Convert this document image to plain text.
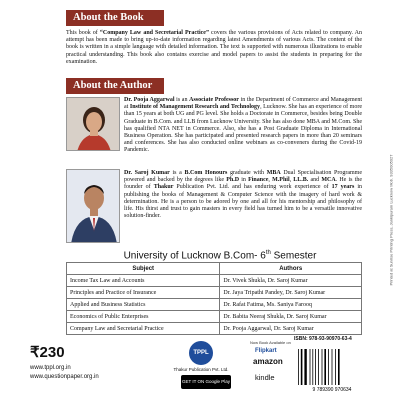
About the Book

This book of “Company Law and Secretarial Practice” covers the various provisions of Acts related to company. An attempt has been made to bring up-to-date information regarding latest Amendments of various Acts. The content of the book is written in a simple language with detailed information. The text is supported with numerous illustrations to enable practical understanding. This book also contains exercise and model papers to assist the students in preparing for the examination.

About the Author

Dr. Pooja Aggarwal is an Associate Professor in the Department of Commerce and Management at Institute of Management Research and Technology, Lucknow. She has an experience of more than 15 years at both UG and PG level. She holds a Doctorate in Commerce, besides being Double Graduate in B.Com. and LLB from Lucknow University. She has also done MBA and M.Com. She has qualified NTA NET in Commerce. Also, she has a Post Graduate Diploma in International Business Operation. She has participated and presented research papers in more than 20 seminars and conferences. She has also conducted online webinars as co-conveners during the Covid-19 Pandemic.

Dr. Saroj Kumar is a B.Com Honours graduate with MBA Dual Specialisation Programme powered and backed by the degrees like Ph.D in Finance, M.Phil, LL.B. and MCA. He is the founder of Thakur Publication Pvt. Ltd. and has enduring work experience of 17 years in publishing the books of Management & Computer Science with the imagery of hard work & determination. He is a person to be adored by one and all for his mentorship and philosophy of life. His thirst and trust to gain masters in every field has turned him to be a versatile innovative solution-finder.	Printed at Sunrise Printing Press, Jankipuram Lucknow Mob. 9335005027
University of Lucknow B.Com- 6th Semester
Subject	Authors
Income Tax Law and Accounts	Dr. Vivek Shukla, Dr. Saroj Kumar
Principles and Practice of Insurance	Dr. Jaya Tripathi Pandey, Dr. Saroj Kumar
Applied and Business Statistics	Dr. Rafat Fatima, Ms. Saniya Farooq
Economics of Public Enterprises	Dr. Babita Neeraj Shukla, Dr. Saroj Kumar
Company Law and Secretarial Practice	Dr. Pooja Aggarwal, Dr. Saroj Kumar

₹230
www.tppl.org.in
www.questionpaper.org.in
TPPL
Thakur Publication Pvt. Ltd.
GET IT ON Google Play
Now Book Available on
Flipkart
amazon
kindle
ISBN: 978-93-90970-63-4
9 789390 970634
